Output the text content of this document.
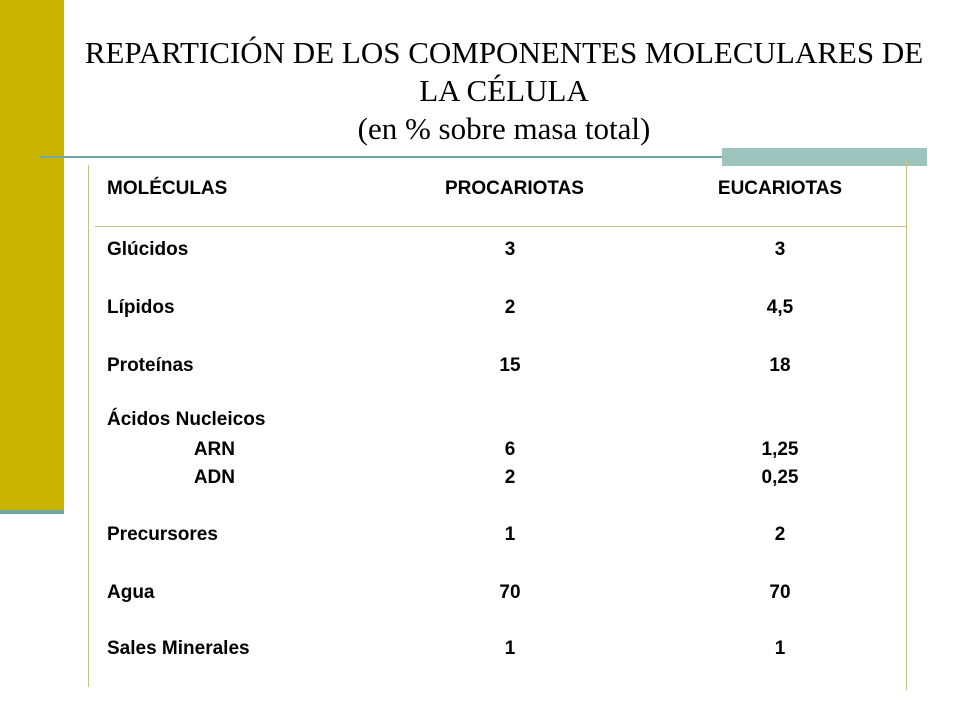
REPARTICIÓN DE LOS COMPONENTES MOLECULARES DE
LA CÉLULA
(en % sobre masa total)
MOLÉCULAS	PROCARIOTAS	EUCARIOTAS
Glúcidos	3	3
Lípidos	2	4,5
Proteínas	15	18
Ácidos Nucleicos
ARN	6	1,25
ADN	2	0,25
Precursores	1	2
Agua	70	70
Sales Minerales	1	1
